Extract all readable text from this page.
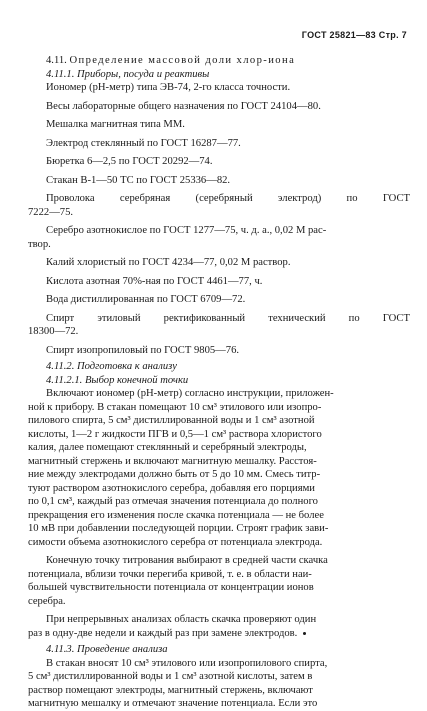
ГОСТ 25821—83 Стр. 7
4.11. Определение массовой доли хлор-иона
4.11.1. Приборы, посуда и реактивы
Иономер (рН-метр) типа ЭВ-74, 2-го класса точности.
Весы лабораторные общего назначения по ГОСТ 24104—80.
Мешалка магнитная типа ММ.
Электрод стеклянный по ГОСТ 16287—77.
Бюретка 6—2,5 по ГОСТ 20292—74.
Стакан В-1—50 ТС по ГОСТ 25336—82.
Проволока серебряная (серебряный электрод) по ГОСТ
7222—75.
Серебро азотнокислое по ГОСТ 1277—75, ч. д. а., 0,02 М рас-
твор.
Калий хлористый по ГОСТ 4234—77, 0,02 М раствор.
Кислота азотная 70%-ная по ГОСТ 4461—77, ч.
Вода дистиллированная по ГОСТ 6709—72.
Спирт этиловый ректификованный технический по ГОСТ
18300—72.
Спирт изопропиловый по ГОСТ 9805—76.
4.11.2. Подготовка к анализу
4.11.2.1. Выбор конечной точки
Включают иономер (рН-метр) согласно инструкции, приложен-
ной к прибору. В стакан помещают 10 см³ этилового или изопро-
пилового спирта, 5 см³ дистиллированной воды и 1 см³ азотной
кислоты, 1—2 г жидкости ПГВ и 0,5—1 см³ раствора хлористого
калия, далее помещают стеклянный и серебряный электроды,
магнитный стержень и включают магнитную мешалку. Расстоя-
ние между электродами должно быть от 5 до 10 мм. Смесь титр-
туют раствором азотнокислого серебра, добавляя его порциями
по 0,1 см³, каждый раз отмечая значения потенциала до полного
прекращения его изменения после скачка потенциала — не более
10 мВ при добавлении последующей порции. Строят график зави-
симости объема азотнокислого серебра от потенциала электрода.
Конечную точку титрования выбирают в средней части скачка
потенциала, вблизи точки перегиба кривой, т. е. в области наи-
большей чувствительности потенциала от концентрации ионов
серебра.
При непрерывных анализах область скачка проверяют один
раз в одну-две недели и каждый раз при замене электродов.
4.11.3. Проведение анализа
В стакан вносят 10 см³ этилового или изопропилового спирта,
5 см³ дистиллированной воды и 1 см³ азотной кислоты, затем в
раствор помещают электроды, магнитный стержень, включают
магнитную мешалку и отмечают значение потенциала. Если это
